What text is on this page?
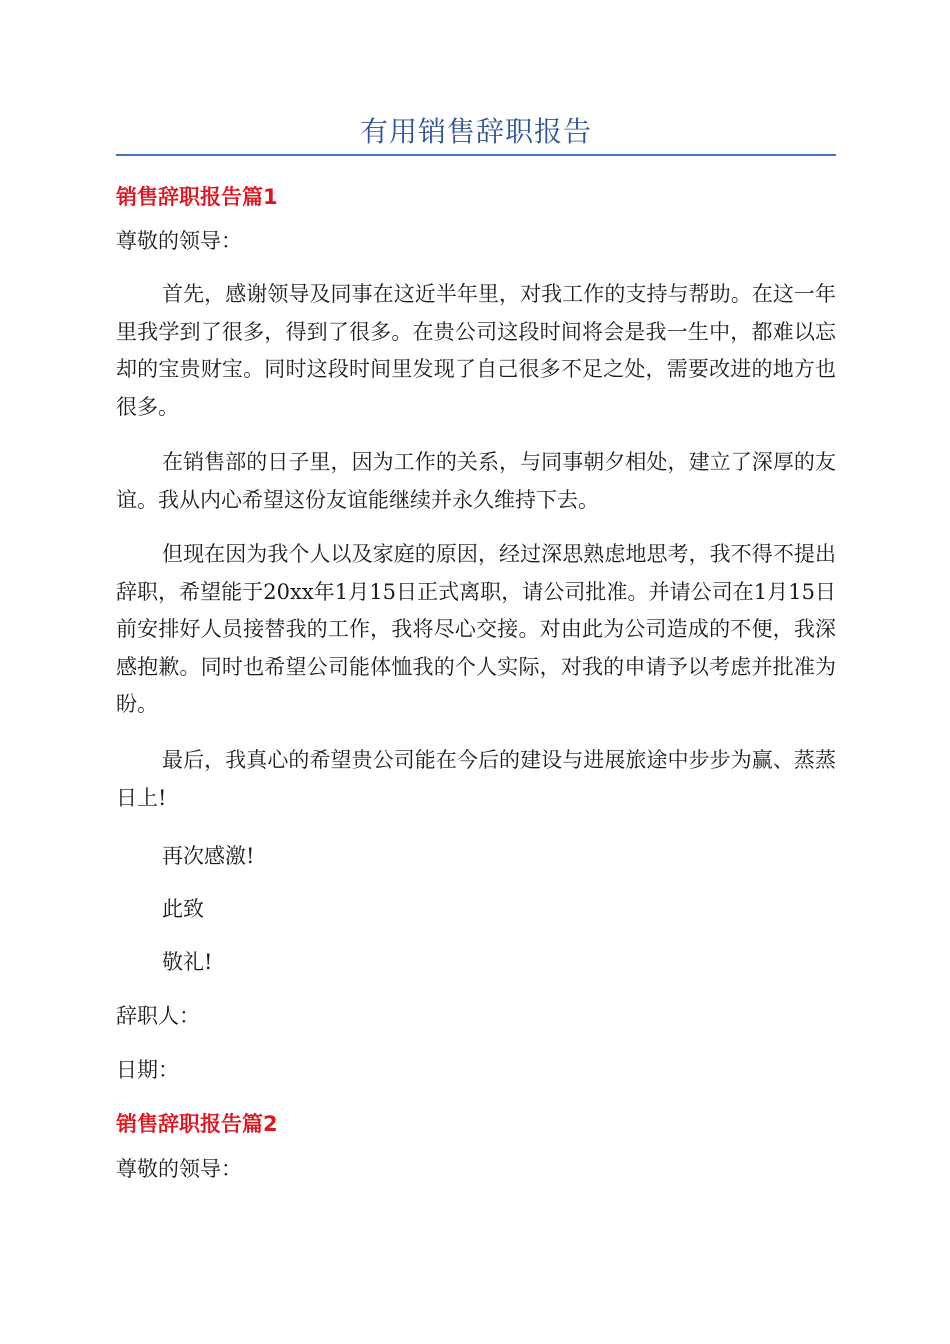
有用销售辞职报告
销售辞职报告篇1
尊敬的领导：
首先，感谢领导及同事在这近半年里，对我工作的支持与帮助。在这一年里我学到了很多，得到了很多。在贵公司这段时间将会是我一生中，都难以忘却的宝贵财宝。同时这段时间里发现了自己很多不足之处，需要改进的地方也很多。
在销售部的日子里，因为工作的关系，与同事朝夕相处，建立了深厚的友谊。我从内心希望这份友谊能继续并永久维持下去。
但现在因为我个人以及家庭的原因，经过深思熟虑地思考，我不得不提出辞职，希望能于20xx年1月15日正式离职，请公司批准。并请公司在1月15日前安排好人员接替我的工作，我将尽心交接。对由此为公司造成的不便，我深感抱歉。同时也希望公司能体恤我的个人实际，对我的申请予以考虑并批准为盼。
最后，我真心的希望贵公司能在今后的建设与进展旅途中步步为赢、蒸蒸日上!
再次感激!
此致
敬礼!
辞职人：
日期：
销售辞职报告篇2
尊敬的领导：
